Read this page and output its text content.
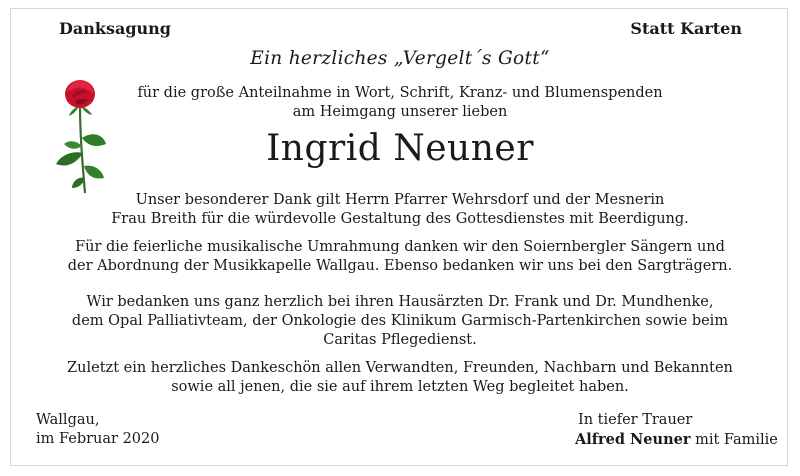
Danksagung	Statt Karten
Ein herzliches „Vergelt´s Gott“
für die große Anteilnahme in Wort, Schrift, Kranz- und Blumenspenden
am Heimgang unserer lieben
Ingrid Neuner
Unser besonderer Dank gilt Herrn Pfarrer Wehrsdorf und der Mesnerin
Frau Breith für die würdevolle Gestaltung des Gottesdienstes mit Beerdigung.
Für die feierliche musikalische Umrahmung danken wir den Soiernbergler Sängern und
der Abordnung der Musikkapelle Wallgau. Ebenso bedanken wir uns bei den Sargträgern.
Wir bedanken uns ganz herzlich bei ihren Hausärzten Dr. Frank und Dr. Mundhenke,
dem Opal Palliativteam, der Onkologie des Klinikum Garmisch-Partenkirchen sowie beim
Caritas Pflegedienst.
Zuletzt ein herzliches Dankeschön allen Verwandten, Freunden, Nachbarn und Bekannten
sowie all jenen, die sie auf ihrem letzten Weg begleitet haben.
Wallgau,
im Februar 2020
In tiefer Trauer
Alfred Neuner mit Familie
